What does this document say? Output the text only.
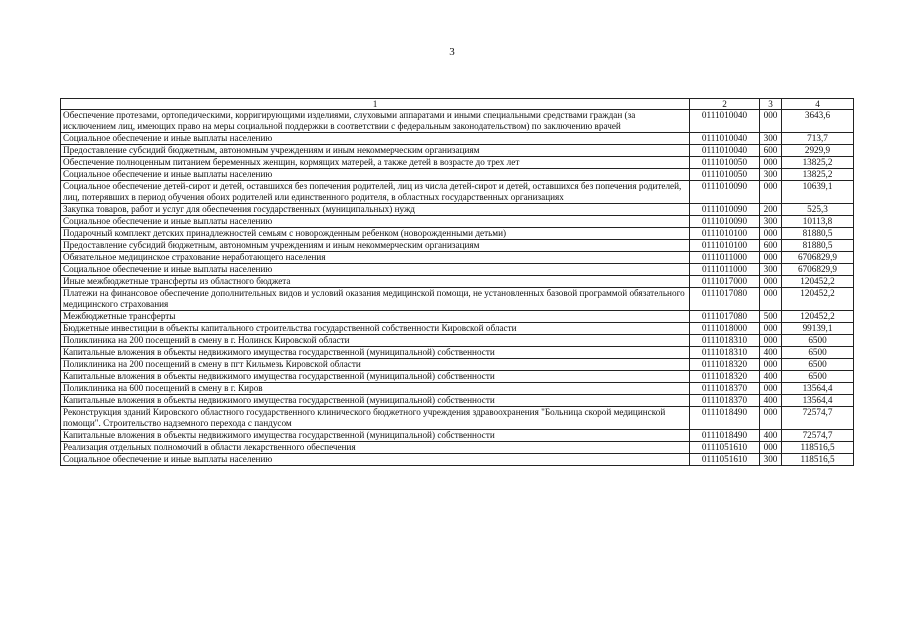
3
1	2	3	4
Обеспечение протезами, ортопедическими, корригирующими изделиями, слуховыми аппаратами и иными специальными средствами граждан (за исключением лиц, имеющих право на меры социальной поддержки в соответствии с федеральным законодательством) по заключению врачей	0111010040	000	3643,6
Социальное обеспечение и иные выплаты населению	0111010040	300	713,7
Предоставление субсидий бюджетным, автономным учреждениям и иным некоммерческим организациям	0111010040	600	2929,9
Обеспечение полноценным питанием беременных женщин, кормящих матерей, а также детей в возрасте до трех лет	0111010050	000	13825,2
Социальное обеспечение и иные выплаты населению	0111010050	300	13825,2
Социальное обеспечение детей-сирот и детей, оставшихся без попечения родителей, лиц из числа детей-сирот и детей, оставшихся без попечения родителей, лиц, потерявших в период обучения обоих родителей или единственного родителя, в областных государственных организациях	0111010090	000	10639,1
Закупка товаров, работ и услуг для обеспечения государственных (муниципальных) нужд	0111010090	200	525,3
Социальное обеспечение и иные выплаты населению	0111010090	300	10113,8
Подарочный комплект детских принадлежностей семьям с новорожденным ребенком (новорожденными детьми)	0111010100	000	81880,5
Предоставление субсидий бюджетным, автономным учреждениям и иным некоммерческим организациям	0111010100	600	81880,5
Обязательное медицинское страхование неработающего населения	0111011000	000	6706829,9
Социальное обеспечение и иные выплаты населению	0111011000	300	6706829,9
Иные межбюджетные трансферты из областного бюджета	0111017000	000	120452,2
Платежи на финансовое обеспечение дополнительных видов и условий оказания медицинской помощи, не установленных базовой программой обязательного медицинского страхования	0111017080	000	120452,2
Межбюджетные трансферты	0111017080	500	120452,2
Бюджетные инвестиции в объекты капитального строительства государственной собственности Кировской области	0111018000	000	99139,1
Поликлиника на 200 посещений в смену в г. Нолинск Кировской области	0111018310	000	6500
Капитальные вложения в объекты недвижимого имущества государственной (муниципальной) собственности	0111018310	400	6500
Поликлиника на 200 посещений в смену в пгт Кильмезь Кировской области	0111018320	000	6500
Капитальные вложения в объекты недвижимого имущества государственной (муниципальной) собственности	0111018320	400	6500
Поликлиника на 600 посещений в смену в г. Киров	0111018370	000	13564,4
Капитальные вложения в объекты недвижимого имущества государственной (муниципальной) собственности	0111018370	400	13564,4
Реконструкция зданий Кировского областного государственного клинического бюджетного учреждения здравоохранения "Больница скорой медицинской помощи". Строительство надземного перехода с пандусом	0111018490	000	72574,7
Капитальные вложения в объекты недвижимого имущества государственной (муниципальной) собственности	0111018490	400	72574,7
Реализация отдельных полномочий в области лекарственного обеспечения	0111051610	000	118516,5
Социальное обеспечение и иные выплаты населению	0111051610	300	118516,5
